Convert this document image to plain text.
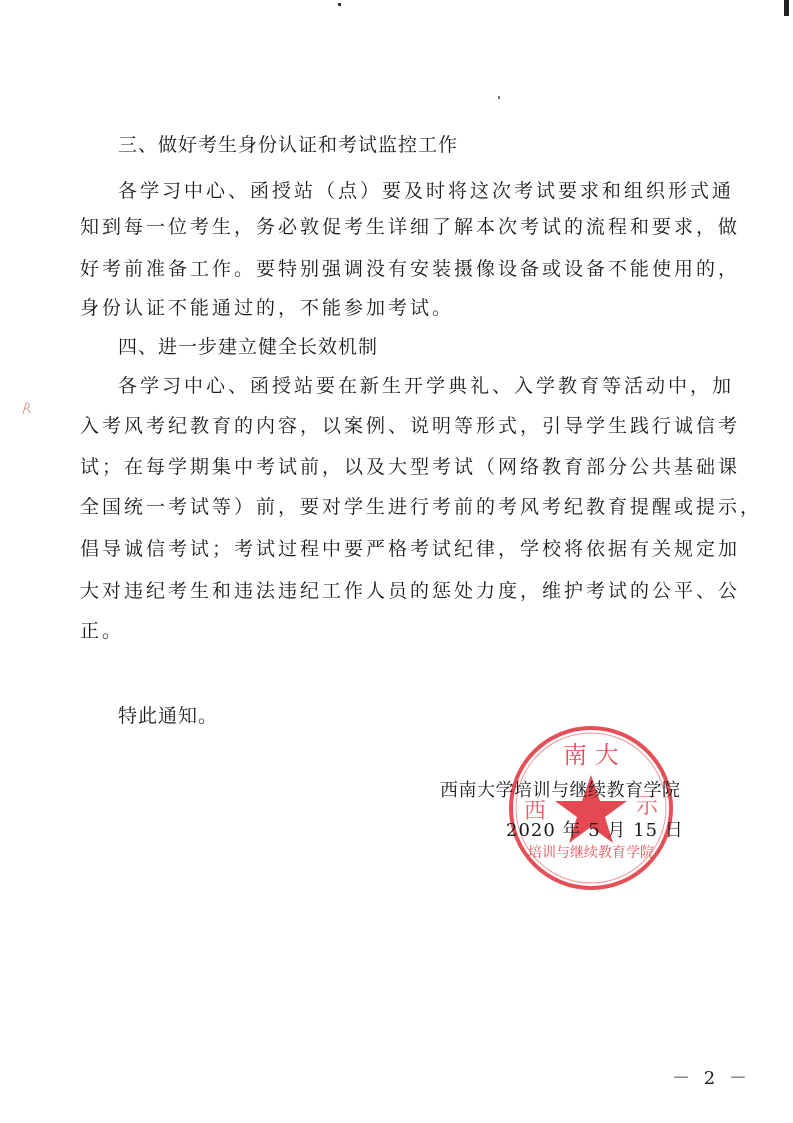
三、做好考生身份认证和考试监控工作

各学习中心、函授站（点）要及时将这次考试要求和组织形式通

知到每一位考生，务必敦促考生详细了解本次考试的流程和要求，做

好考前准备工作。要特别强调没有安装摄像设备或设备不能使用的，

身份认证不能通过的，不能参加考试。

四、进一步建立健全长效机制

各学习中心、函授站要在新生开学典礼、入学教育等活动中，加

入考风考纪教育的内容，以案例、说明等形式，引导学生践行诚信考

试；在每学期集中考试前，以及大型考试（网络教育部分公共基础课

全国统一考试等）前，要对学生进行考前的考风考纪教育提醒或提示，

倡导诚信考试；考试过程中要严格考试纪律，学校将依据有关规定加

大对违纪考生和违法违纪工作人员的惩处力度，维护考试的公平、公

正。

特此通知。

南 大
西	示
培训与继续教育学院

西南大学培训与继续教育学院

2020 年 5 月 15 日

－ 2 －
